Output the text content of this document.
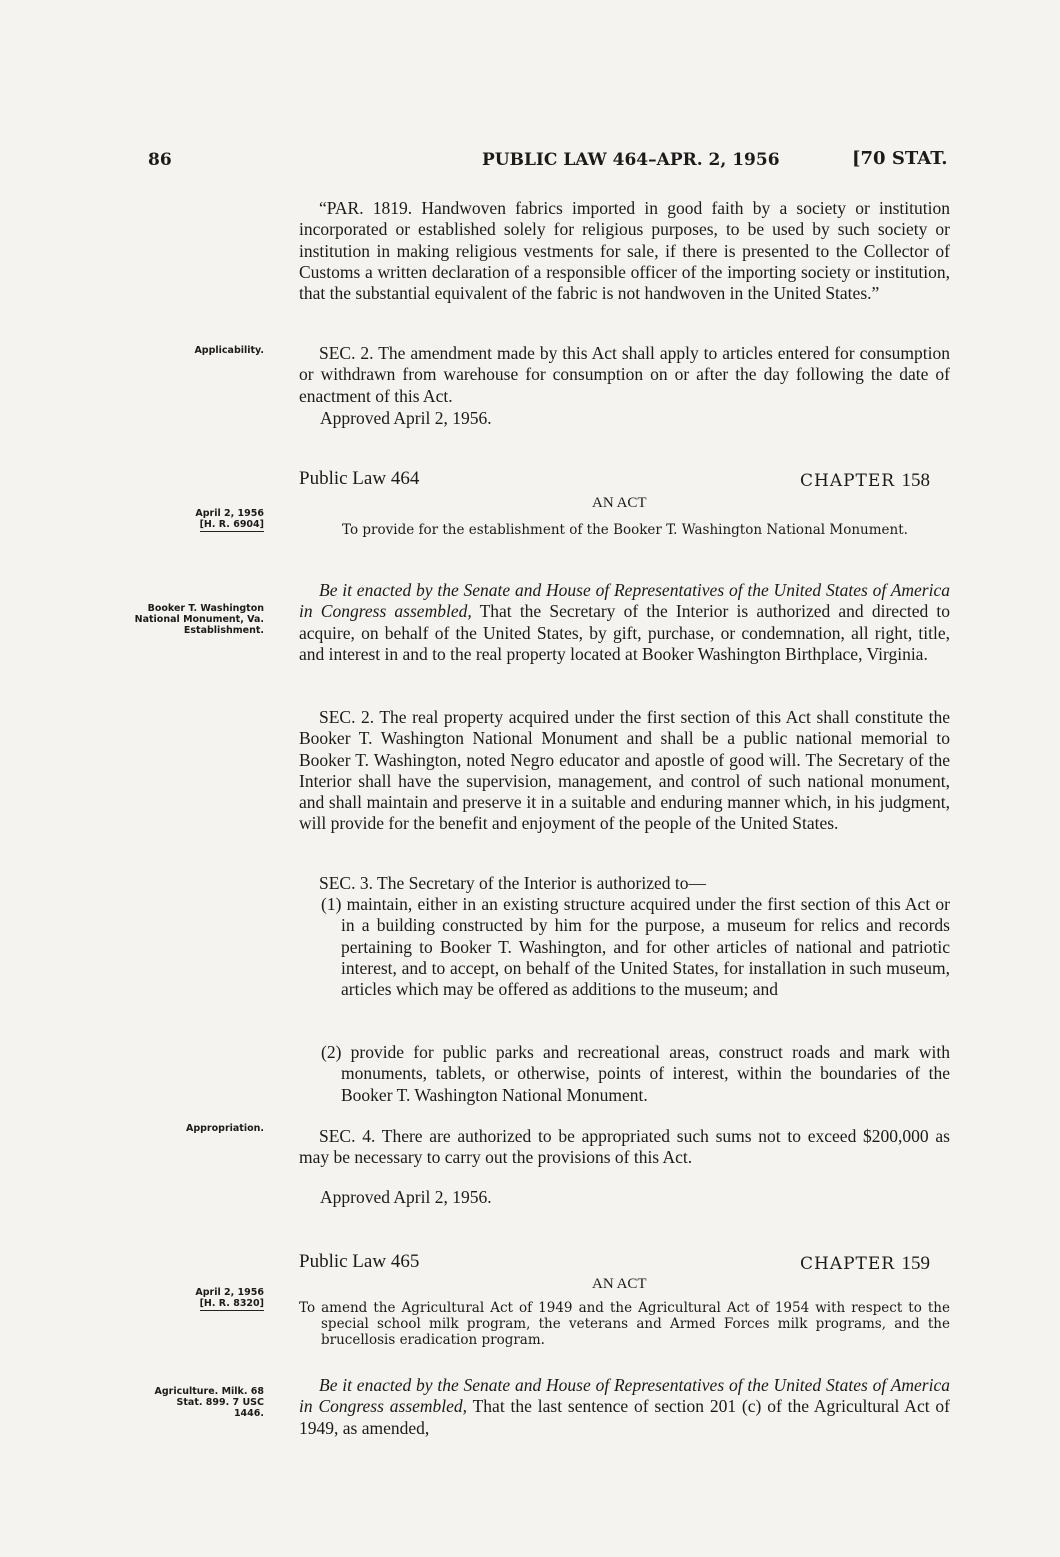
86	PUBLIC LAW 464–APR. 2, 1956	[70 STAT.

“PAR. 1819. Handwoven fabrics imported in good faith by a society or institution incorporated or established solely for religious purposes, to be used by such society or institution in making religious vestments for sale, if there is presented to the Collector of Customs a written declaration of a responsible officer of the importing society or institution, that the substantial equivalent of the fabric is not handwoven in the United States.”

Applicability.	SEC. 2. The amendment made by this Act shall apply to articles entered for consumption or withdrawn from warehouse for consumption on or after the day following the date of enactment of this Act.

Approved April 2, 1956.
Public Law 464	CHAPTER 158
AN ACT
April 2, 1956
[H. R. 6904]	To provide for the establishment of the Booker T. Washington National Monument.

Booker T. Washington National Monument, Va. Establishment.

Be it enacted by the Senate and House of Representatives of the United States of America in Congress assembled, That the Secretary of the Interior is authorized and directed to acquire, on behalf of the United States, by gift, purchase, or condemnation, all right, title, and interest in and to the real property located at Booker Washington Birthplace, Virginia.

SEC. 2. The real property acquired under the first section of this Act shall constitute the Booker T. Washington National Monument and shall be a public national memorial to Booker T. Washington, noted Negro educator and apostle of good will. The Secretary of the Interior shall have the supervision, management, and control of such national monument, and shall maintain and preserve it in a suitable and enduring manner which, in his judgment, will provide for the benefit and enjoyment of the people of the United States.

SEC. 3. The Secretary of the Interior is authorized to—

(1) maintain, either in an existing structure acquired under the first section of this Act or in a building constructed by him for the purpose, a museum for relics and records pertaining to Booker T. Washington, and for other articles of national and patriotic interest, and to accept, on behalf of the United States, for installation in such museum, articles which may be offered as additions to the museum; and

(2) provide for public parks and recreational areas, construct roads and mark with monuments, tablets, or otherwise, points of interest, within the boundaries of the Booker T. Washington National Monument.

Appropriation.	SEC. 4. There are authorized to be appropriated such sums not to exceed $200,000 as may be necessary to carry out the provisions of this Act.

Approved April 2, 1956.
Public Law 465	CHAPTER 159
AN ACT
April 2, 1956
[H. R. 8320]	To amend the Agricultural Act of 1949 and the Agricultural Act of 1954 with respect to the special school milk program, the veterans and Armed Forces milk programs, and the brucellosis eradication program.

Agriculture. Milk. 68 Stat. 899. 7 USC 1446.

Be it enacted by the Senate and House of Representatives of the United States of America in Congress assembled, That the last sentence of section 201 (c) of the Agricultural Act of 1949, as amended,
